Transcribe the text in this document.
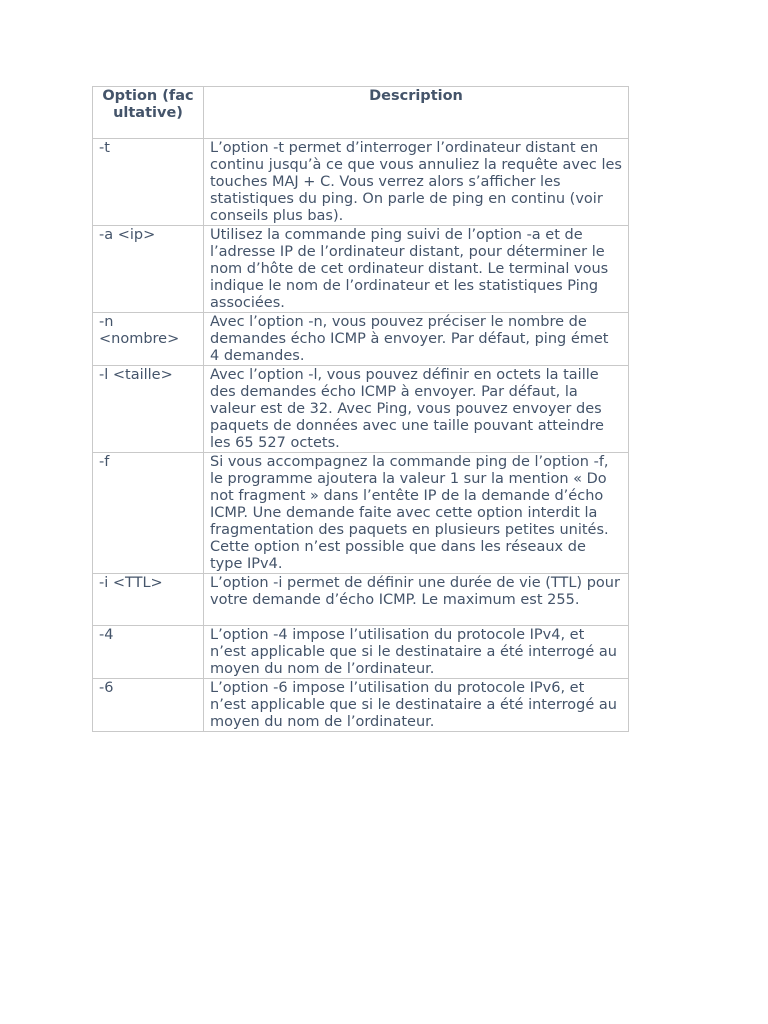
Option (facultative)	Description
-t	L’option -t permet d’interroger l’ordinateur distant en continu jusqu’à ce que vous annuliez la requête avec les touches MAJ + C. Vous verrez alors s’afficher les statistiques du ping. On parle de ping en continu (voir conseils plus bas).
-a <ip>	Utilisez la commande ping suivi de l’option -a et de l’adresse IP de l’ordinateur distant, pour déterminer le nom d’hôte de cet ordinateur distant. Le terminal vous indique le nom de l’ordinateur et les statistiques Ping associées.
-n <nombre>	Avec l’option -n, vous pouvez préciser le nombre de demandes écho ICMP à envoyer. Par défaut, ping émet 4 demandes.
-l <taille>	Avec l’option -l, vous pouvez définir en octets la taille des demandes écho ICMP à envoyer. Par défaut, la valeur est de 32. Avec Ping, vous pouvez envoyer des paquets de données avec une taille pouvant atteindre les 65 527 octets.
-f	Si vous accompagnez la commande ping de l’option -f, le programme ajoutera la valeur 1 sur la mention « Do not fragment » dans l’entête IP de la demande d’écho ICMP. Une demande faite avec cette option interdit la fragmentation des paquets en plusieurs petites unités. Cette option n’est possible que dans les réseaux de type IPv4.
-i <TTL>	L’option -i permet de définir une durée de vie (TTL) pour votre demande d’écho ICMP. Le maximum est 255.
-4	L’option -4 impose l’utilisation du protocole IPv4, et n’est applicable que si le destinataire a été interrogé au moyen du nom de l’ordinateur.
-6	L’option -6 impose l’utilisation du protocole IPv6, et n’est applicable que si le destinataire a été interrogé au moyen du nom de l’ordinateur.
